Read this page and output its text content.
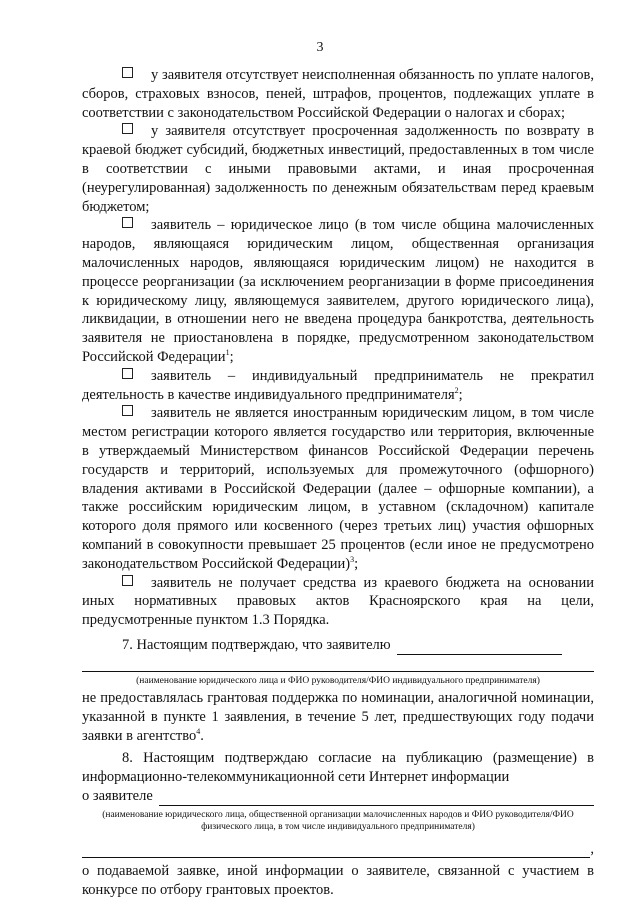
3

у заявителя отсутствует неисполненная обязанность по уплате налогов, сборов, страховых взносов, пеней, штрафов, процентов, подлежащих уплате в соответствии с законодательством Российской Федерации о налогах и сборах;

у заявителя отсутствует просроченная задолженность по возврату в краевой бюджет субсидий, бюджетных инвестиций, предоставленных в том числе в соответствии с иными правовыми актами, и иная просроченная (неурегулированная) задолженность по денежным обязательствам перед краевым бюджетом;

заявитель – юридическое лицо (в том числе община малочисленных народов, являющаяся юридическим лицом, общественная организация малочисленных народов, являющаяся юридическим лицом) не находится в процессе реорганизации (за исключением реорганизации в форме присоединения к юридическому лицу, являющемуся заявителем, другого юридического лица), ликвидации, в отношении него не введена процедура банкротства, деятельность заявителя не приостановлена в порядке, предусмотренном законодательством Российской Федерации$^1$;

заявитель – индивидуальный предприниматель не прекратил деятельность в качестве индивидуального предпринимателя$^2$;

заявитель не является иностранным юридическим лицом, в том числе местом регистрации которого является государство или территория, включенные в утверждаемый Министерством финансов Российской Федерации перечень государств и территорий, используемых для промежуточного (офшорного) владения активами в Российской Федерации (далее – офшорные компании), а также российским юридическим лицом, в уставном (складочном) капитале которого доля прямого или косвенного (через третьих лиц) участия офшорных компаний в совокупности превышает 25 процентов (если иное не предусмотрено законодательством Российской Федерации)$^3$;

заявитель не получает средства из краевого бюджета на основании иных нормативных правовых актов Красноярского края на цели, предусмотренные пунктом 1.3 Порядка.

7. Настоящим подтверждаю, что заявителю
(наименование юридического лица и ФИО руководителя/ФИО индивидуального предпринимателя)

не предоставлялась грантовая поддержка по номинации, аналогичной номинации, указанной в пункте 1 заявления, в течение 5 лет, предшествующих году подачи заявки в агентство$^4$.

8. Настоящим подтверждаю согласие на публикацию (размещение) в информационно-телекоммуникационной сети Интернет информации

о заявителе
(наименование юридического лица, общественной организации малочисленных народов и ФИО руководителя/ФИО физического лица, в том числе индивидуального предпринимателя)
,

о подаваемой заявке, иной информации о заявителе, связанной с участием в конкурсе по отбору грантовых проектов.
